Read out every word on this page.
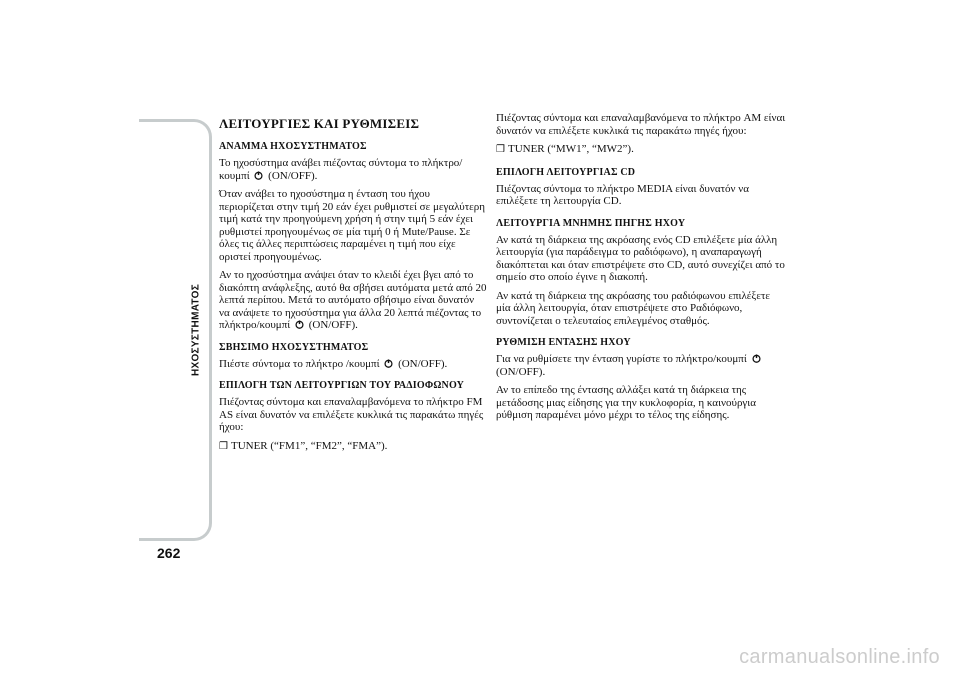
ΗΧΟΣΥΣΤΗΜΑΤΟΣ
262
ΛΕΙΤΟΥΡΓΙΕΣ ΚΑΙ ΡΥΘΜΙΣΕΙΣ
ΑΝΑΜΜΑ ΗΧΟΣΥΣΤΗΜΑΤΟΣ

Το ηχοσύστημα ανάβει πιέζοντας σύντομα το πλήκτρο/κουμπί (ON/OFF).

Όταν ανάβει το ηχοσύστημα η ένταση του ήχου περιορίζεται στην τιμή 20 εάν έχει ρυθμιστεί σε μεγαλύτερη τιμή κατά την προηγούμενη χρήση ή στην τιμή 5 εάν έχει ρυθμιστεί προηγουμένως σε μία τιμή 0 ή Mute/Pause. Σε όλες τις άλλες περιπτώσεις παραμένει η τιμή που είχε οριστεί προηγουμένως.

Αν το ηχοσύστημα ανάψει όταν το κλειδί έχει βγει από το διακόπτη ανάφλεξης, αυτό θα σβήσει αυτόματα μετά από 20 λεπτά περίπου. Μετά το αυτόματο σβήσιμο είναι δυνατόν να ανάψετε το ηχοσύστημα για άλλα 20 λεπτά πιέζοντας το πλήκτρο/κουμπί (ON/OFF).

ΣΒΗΣΙΜΟ ΗΧΟΣΥΣΤΗΜΑΤΟΣ

Πιέστε σύντομα το πλήκτρο /κουμπί (ON/OFF).

ΕΠΙΛΟΓΗ ΤΩΝ ΛΕΙΤΟΥΡΓΙΩΝ ΤΟΥ ΡΑΔΙΟΦΩΝΟΥ

Πιέζοντας σύντομα και επαναλαμβανόμενα το πλήκτρο FM AS είναι δυνατόν να επιλέξετε κυκλικά τις παρακάτω πηγές ήχου:

❒ TUNER (“FM1”, “FM2”, “FMA”).

Πιέζοντας σύντομα και επαναλαμβανόμενα το πλήκτρο AM είναι δυνατόν να επιλέξετε κυκλικά τις παρακάτω πηγές ήχου:

❒ TUNER (“MW1”, “MW2”).
ΕΠΙΛΟΓΗ ΛΕΙΤΟΥΡΓΙΑΣ CD

Πιέζοντας σύντομα το πλήκτρο MEDIA είναι δυνατόν να επιλέξετε τη λειτουργία CD.

ΛΕΙΤΟΥΡΓΙΑ ΜΝΗΜΗΣ ΠΗΓΗΣ ΗΧΟΥ

Αν κατά τη διάρκεια της ακρόασης ενός CD επιλέξετε μία άλλη λειτουργία (για παράδειγμα το ραδιόφωνο), η αναπαραγωγή διακόπτεται και όταν επιστρέψετε στο CD, αυτό συνεχίζει από το σημείο στο οποίο έγινε η διακοπή.

Αν κατά τη διάρκεια της ακρόασης του ραδιόφωνου επιλέξετε μία άλλη λειτουργία, όταν επιστρέψετε στο Ραδιόφωνο, συντονίζεται ο τελευταίος επιλεγμένος σταθμός.

ΡΥΘΜΙΣΗ ΕΝΤΑΣΗΣ ΗΧΟΥ

Για να ρυθμίσετε την ένταση γυρίστε το πλήκτρο/κουμπί
(ON/OFF).

Αν το επίπεδο της έντασης αλλάξει κατά τη διάρκεια της μετάδοσης μιας είδησης για την κυκλοφορία, η καινούργια ρύθμιση παραμένει μόνο μέχρι το τέλος της είδησης.

carmanualsonline.info
